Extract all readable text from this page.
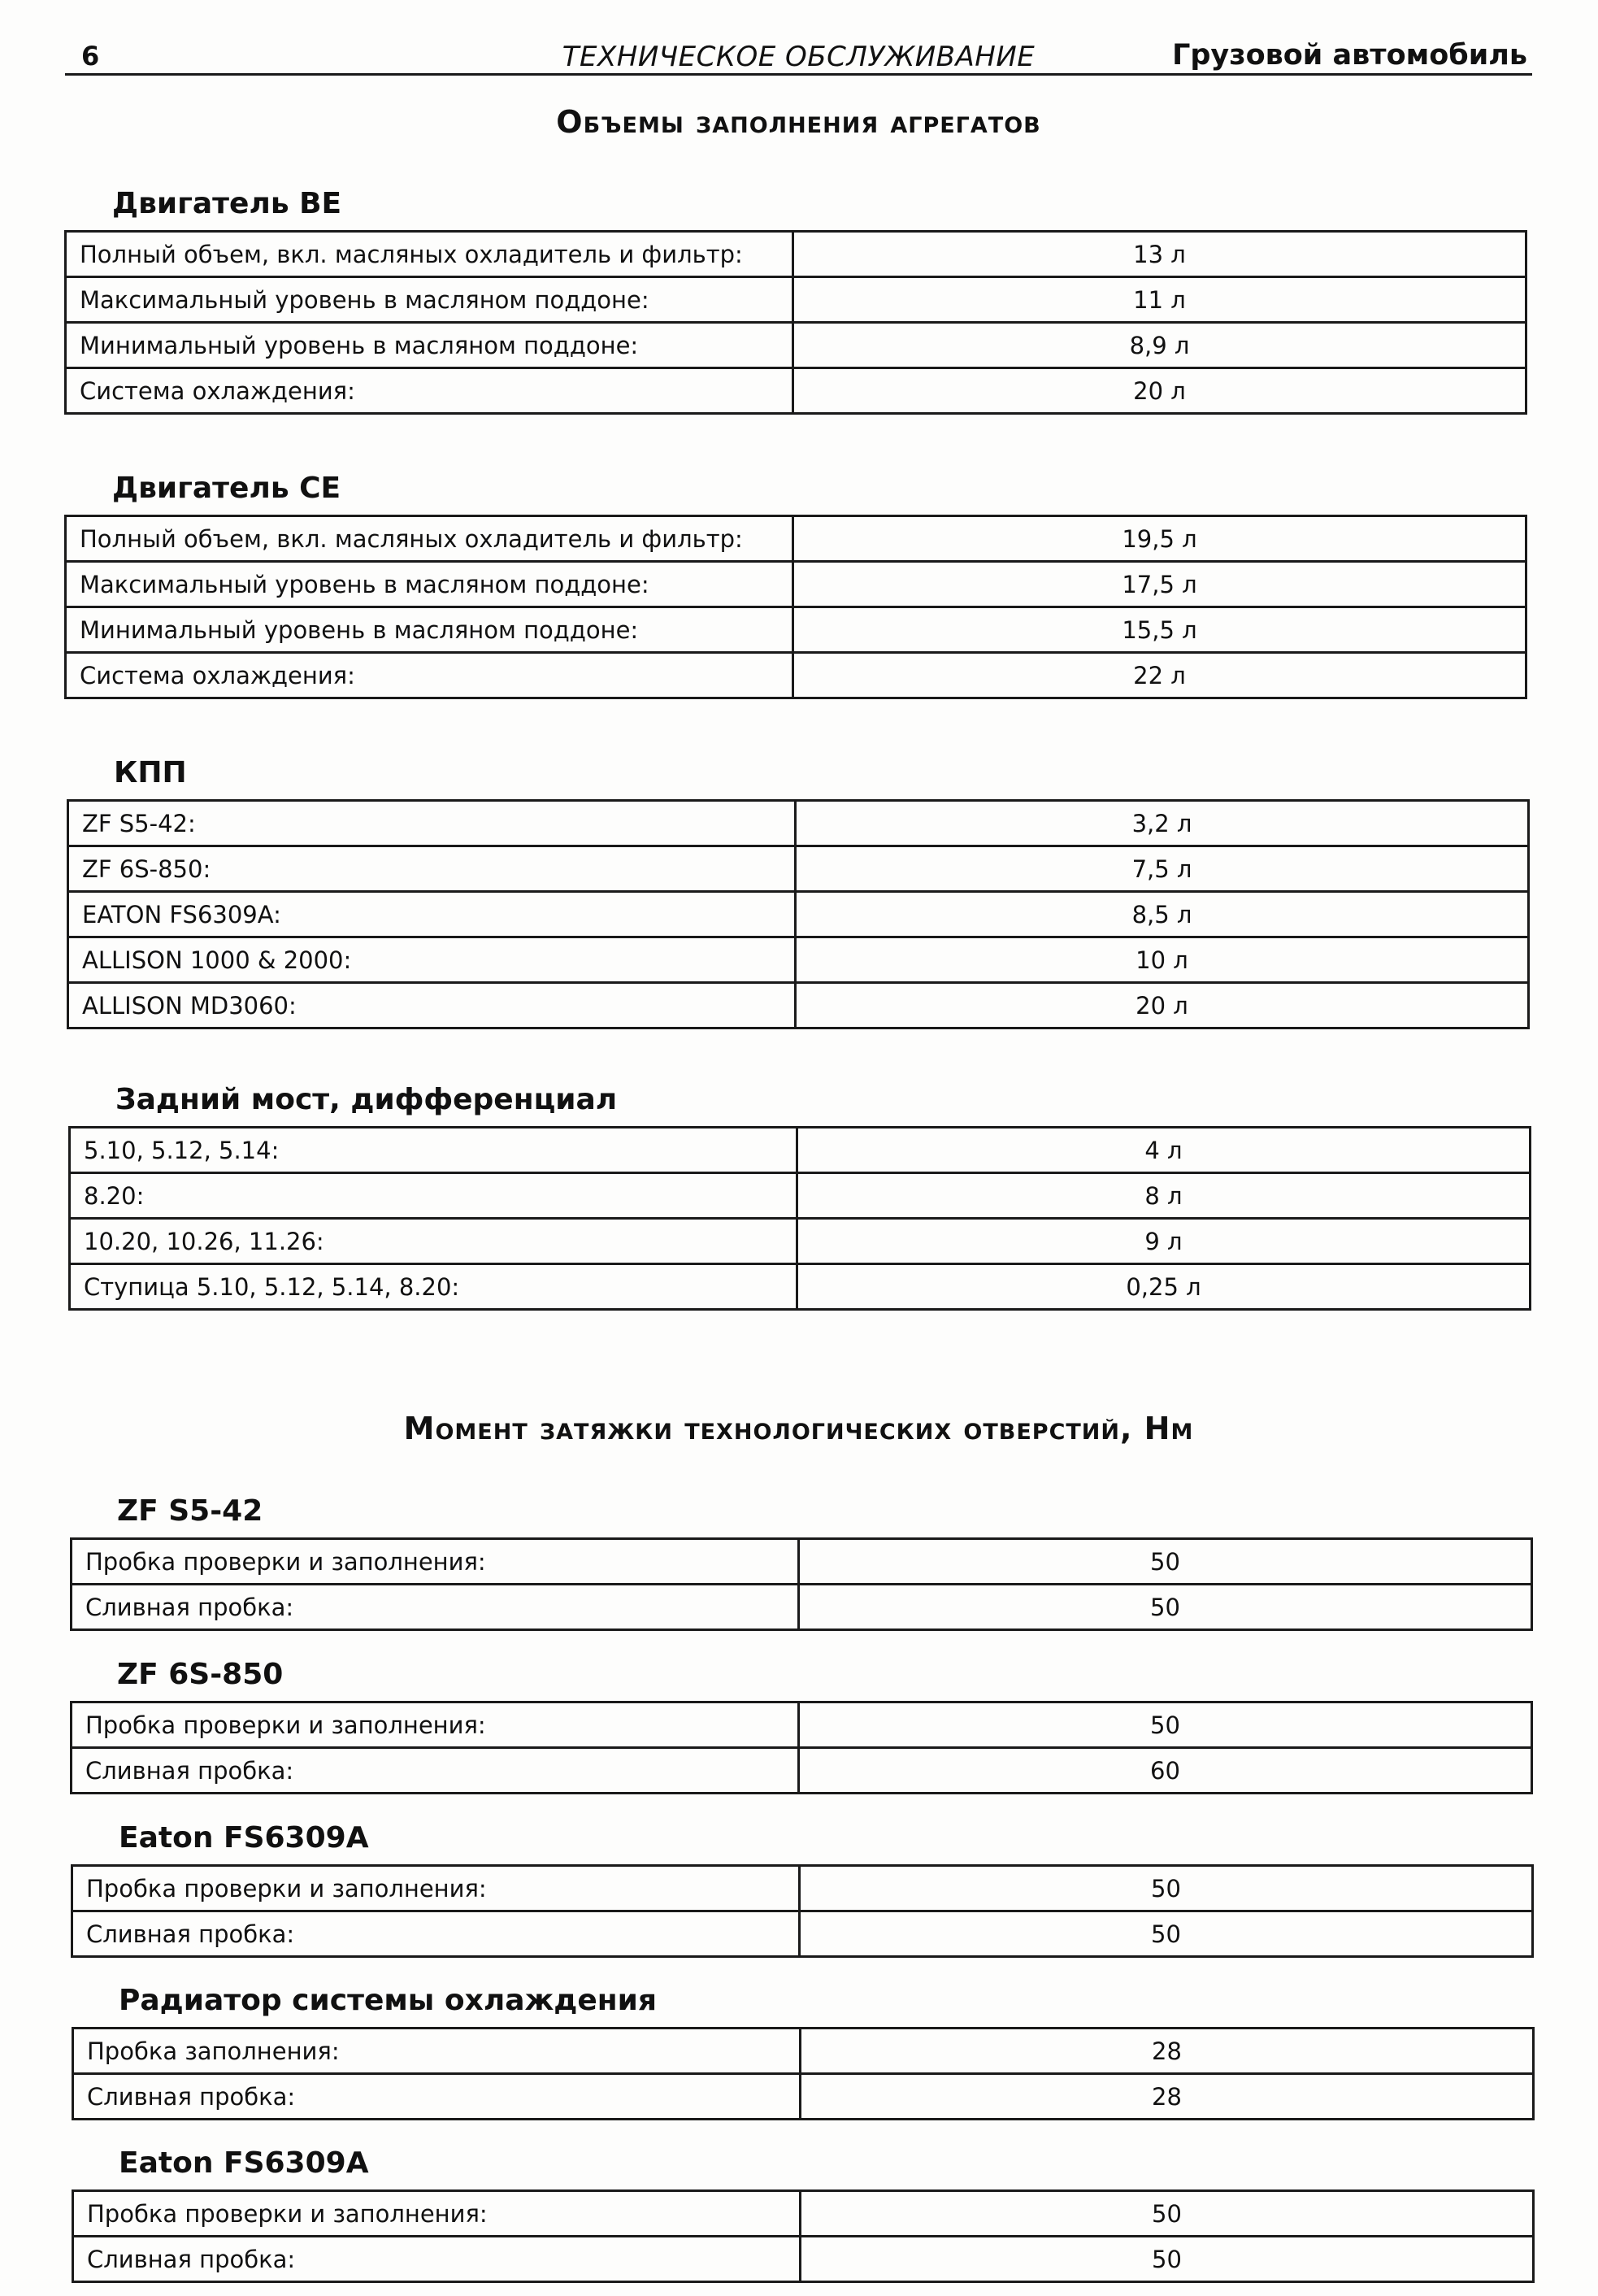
6	ТЕХНИЧЕСКОЕ ОБСЛУЖИВАНИЕ	Грузовой автомобиль
Объемы заполнения агрегатов
Двигатель BE
Полный объем, вкл. масляных охладитель и фильтр:	13 л
Максимальный уровень в масляном поддоне:	11 л
Минимальный уровень в масляном поддоне:	8,9 л
Система охлаждения:	20 л
Двигатель CE
Полный объем, вкл. масляных охладитель и фильтр:	19,5 л
Максимальный уровень в масляном поддоне:	17,5 л
Минимальный уровень в масляном поддоне:	15,5 л
Система охлаждения:	22 л
КПП
ZF S5-42:	3,2 л
ZF 6S-850:	7,5 л
EATON FS6309A:	8,5 л
ALLISON 1000 & 2000:	10 л
ALLISON MD3060:	20 л
Задний мост, дифференциал
5.10, 5.12, 5.14:	4 л
8.20:	8 л
10.20, 10.26, 11.26:	9 л
Ступица 5.10, 5.12, 5.14, 8.20:	0,25 л
Момент затяжки технологических отверстий, Нм
ZF S5-42
Пробка проверки и заполнения:	50
Сливная пробка:	50
ZF 6S-850
Пробка проверки и заполнения:	50
Сливная пробка:	60
Eaton FS6309A
Пробка проверки и заполнения:	50
Сливная пробка:	50
Радиатор системы охлаждения
Пробка заполнения:	28
Сливная пробка:	28
Eaton FS6309A
Пробка проверки и заполнения:	50
Сливная пробка:	50
